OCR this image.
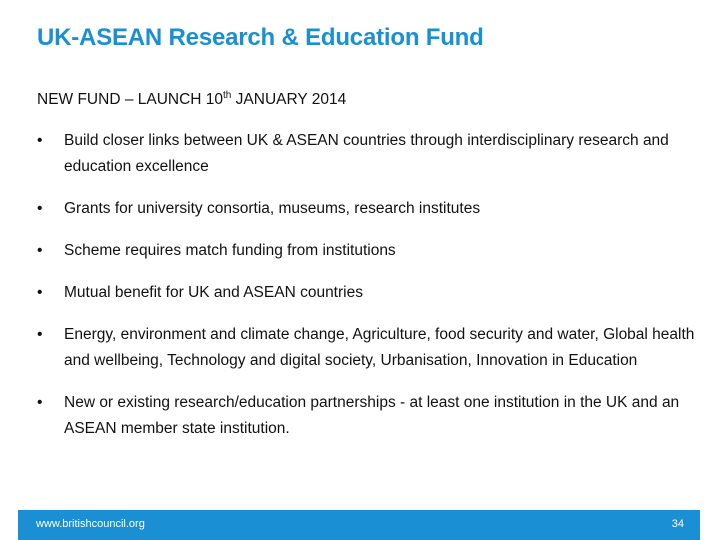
UK-ASEAN Research & Education Fund
NEW FUND – LAUNCH 10th JANUARY 2014
• Build closer links between UK & ASEAN countries through interdisciplinary research and education excellence
• Grants for university consortia, museums, research institutes
• Scheme requires match funding from institutions
• Mutual benefit for UK and ASEAN countries
• Energy, environment and climate change, Agriculture, food security and water, Global health and wellbeing, Technology and digital society, Urbanisation, Innovation in Education
• New or existing research/education partnerships - at least one institution in the UK and an ASEAN member state institution.
www.britishcouncil.org	34
